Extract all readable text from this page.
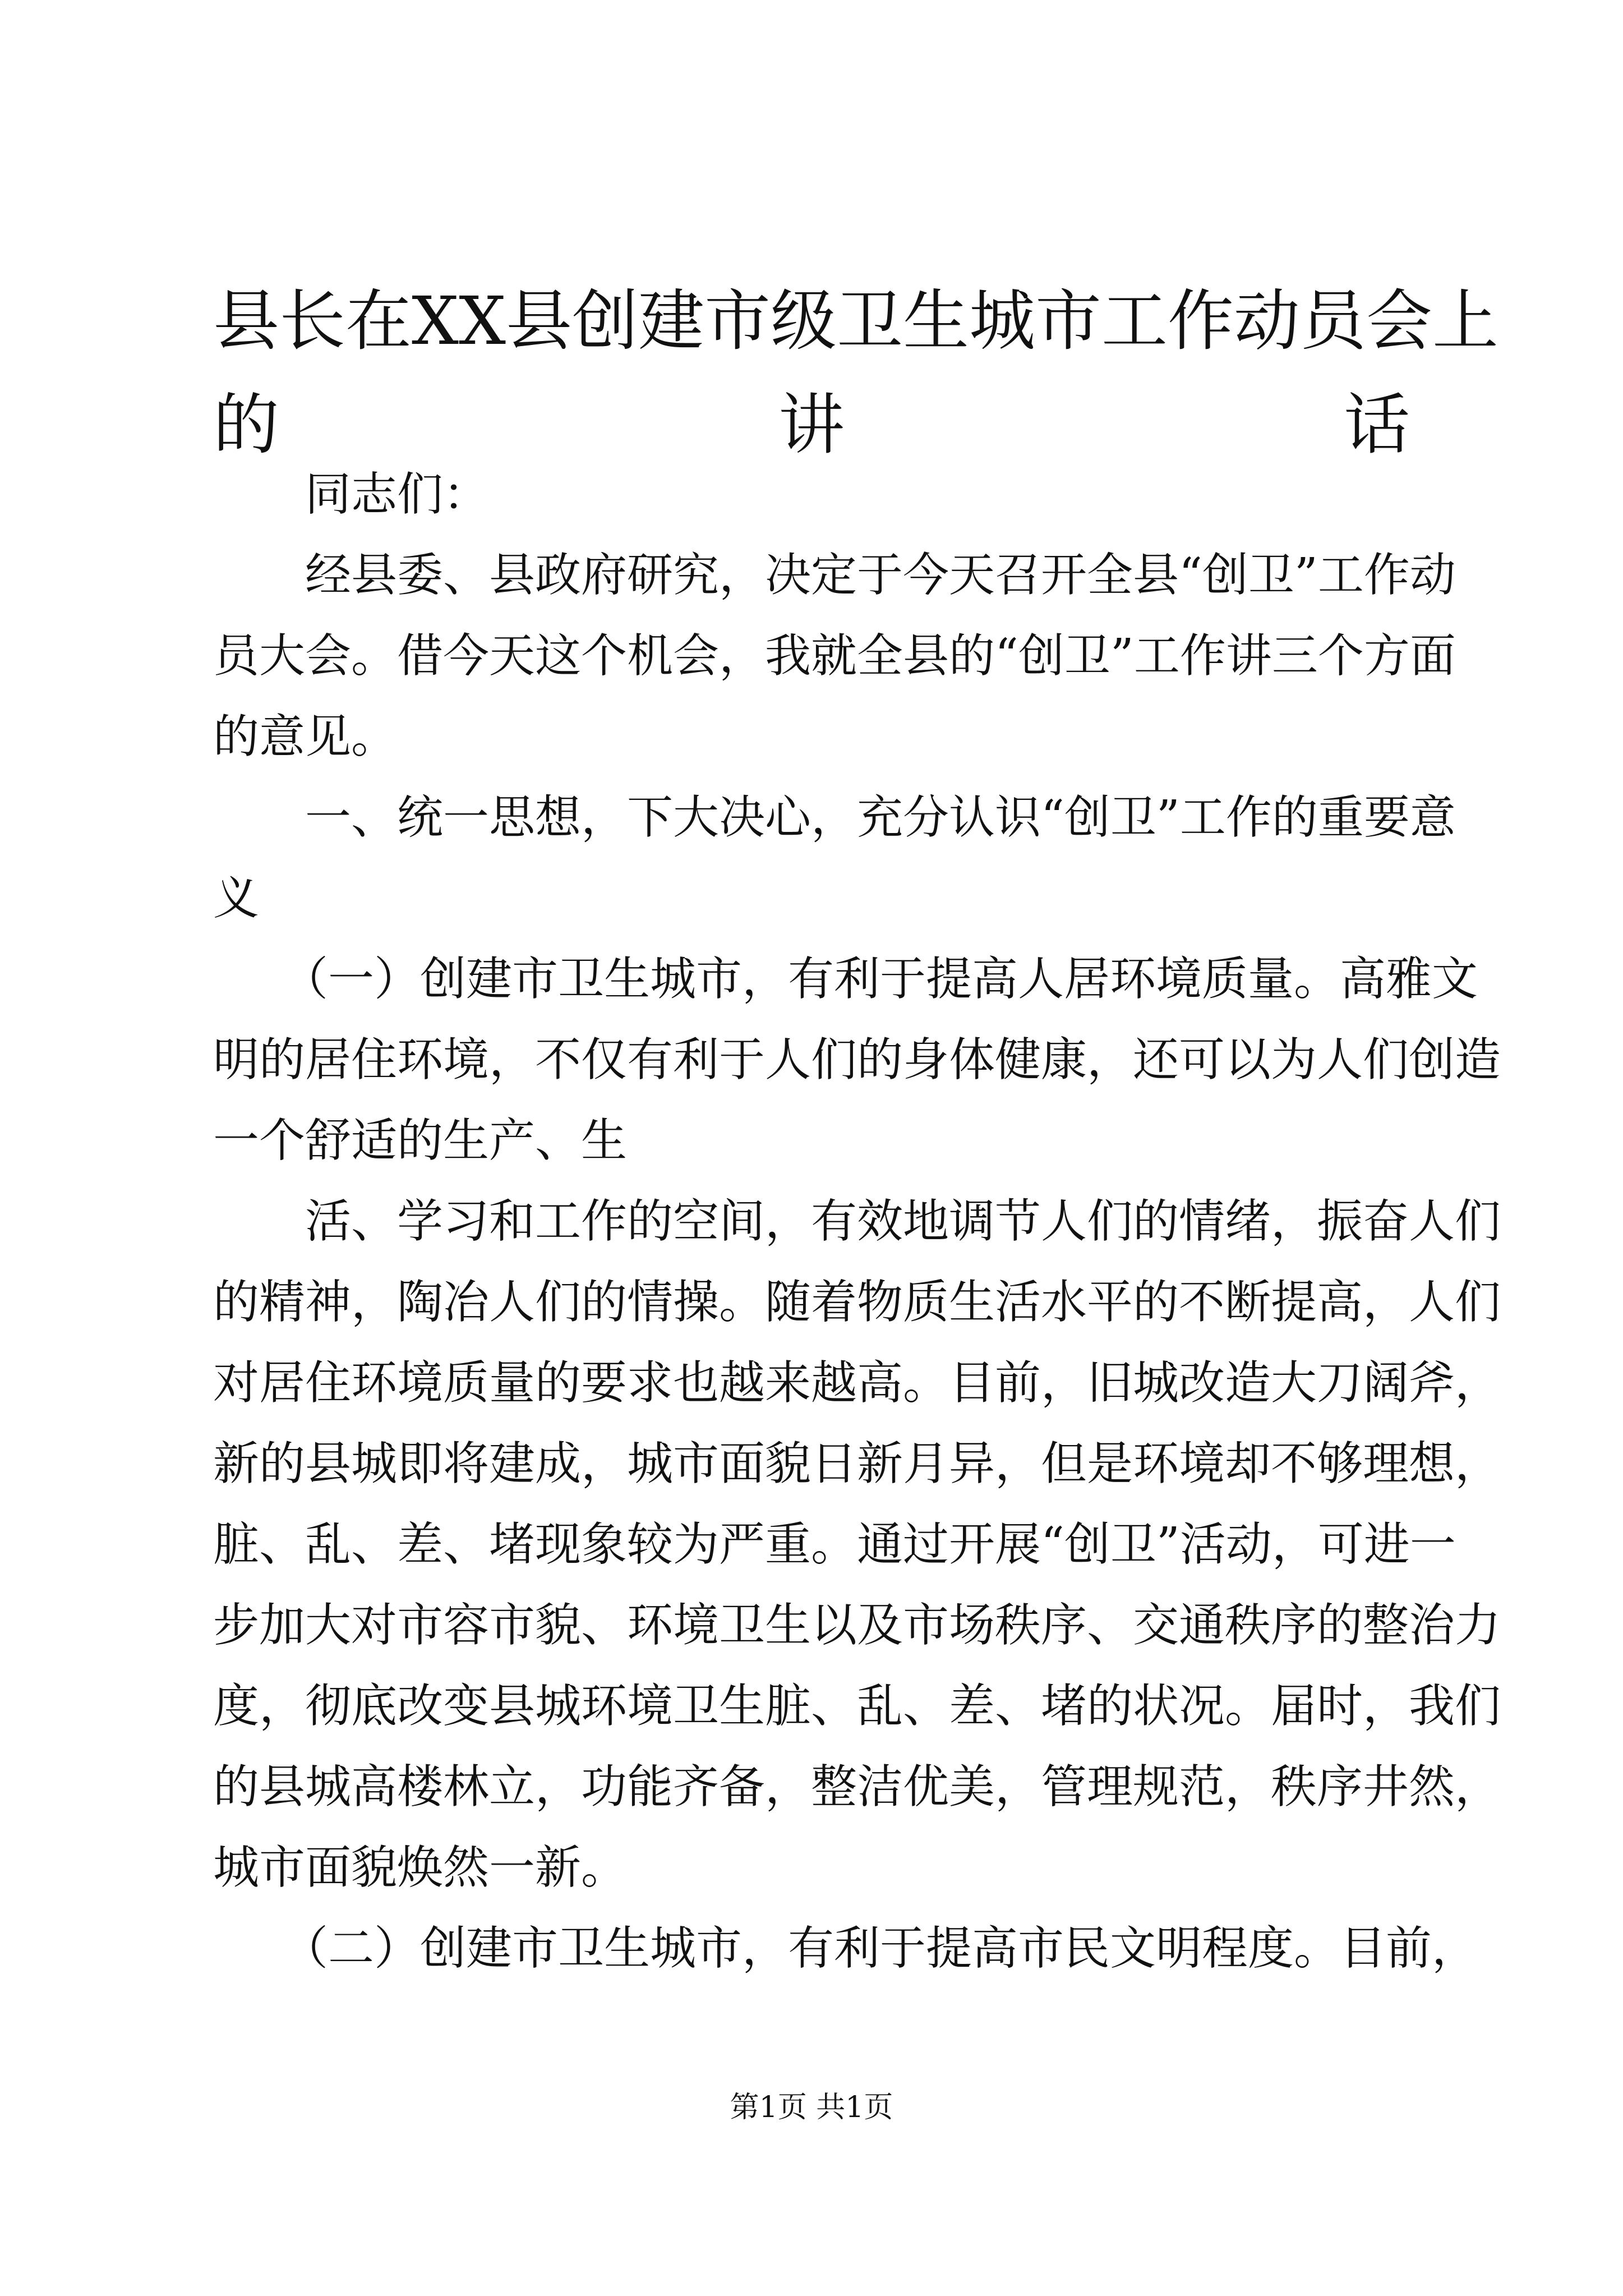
县长在XX县创建市级卫生城市工作动员会上
的讲话

　　同志们：

　　经县委、县政府研究，决定于今天召开全县“创卫”工作动
员大会。借今天这个机会，我就全县的“创卫”工作讲三个方面
的意见。

　　一、统一思想，下大决心，充分认识“创卫”工作的重要意
义

　　（一）创建市卫生城市，有利于提高人居环境质量。高雅文
明的居住环境，不仅有利于人们的身体健康，还可以为人们创造
一个舒适的生产、生

　　活、学习和工作的空间，有效地调节人们的情绪，振奋人们
的精神，陶冶人们的情操。随着物质生活水平的不断提高，人们
对居住环境质量的要求也越来越高。目前，旧城改造大刀阔斧，
新的县城即将建成，城市面貌日新月异，但是环境却不够理想，
脏、乱、差、堵现象较为严重。通过开展“创卫”活动，可进一
步加大对市容市貌、环境卫生以及市场秩序、交通秩序的整治力
度，彻底改变县城环境卫生脏、乱、差、堵的状况。届时，我们
的县城高楼林立，功能齐备，整洁优美，管理规范，秩序井然，
城市面貌焕然一新。

　　（二）创建市卫生城市，有利于提高市民文明程度。目前，

第1页 共1页
